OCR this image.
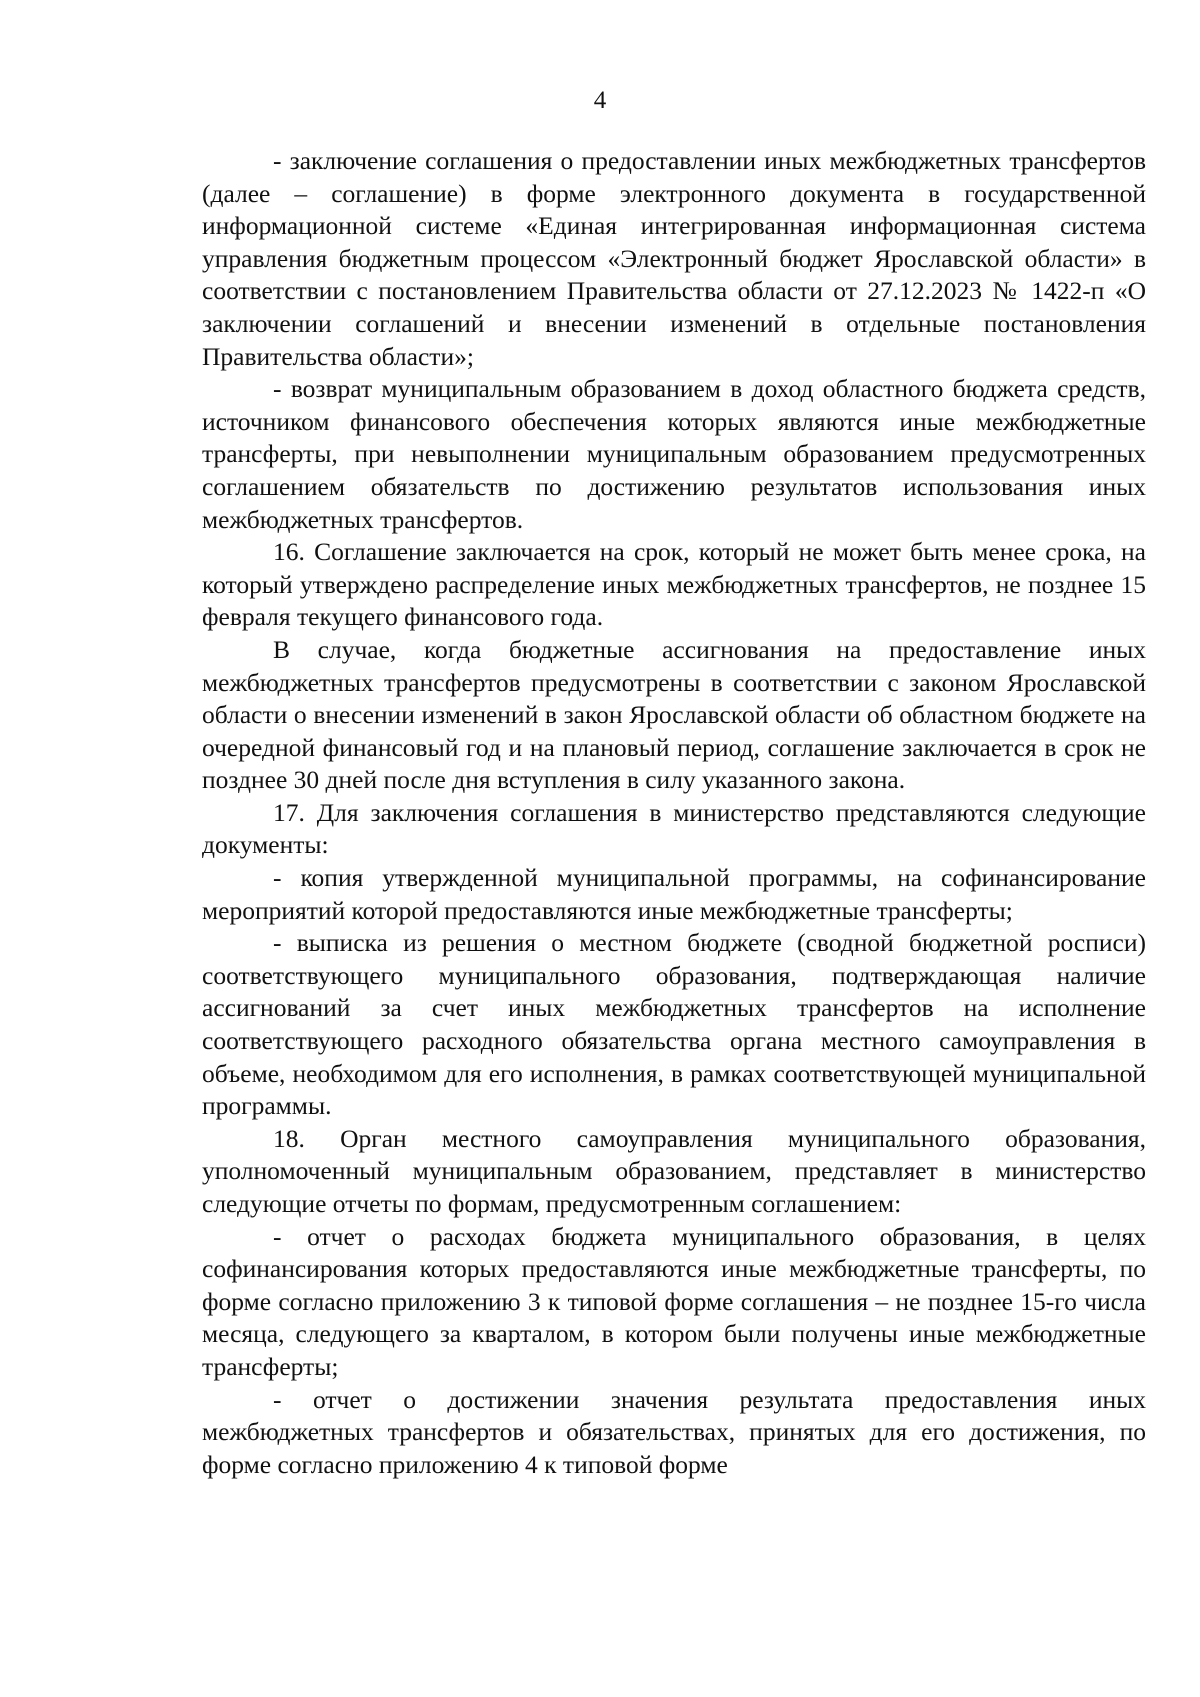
4

- заключение соглашения о предоставлении иных межбюджетных трансфертов (далее – соглашение) в форме электронного документа в государственной информационной системе «Единая интегрированная информационная система управления бюджетным процессом «Электронный бюджет Ярославской области» в соответствии с постановлением Правительства области от 27.12.2023 № 1422-п «О заключении соглашений и внесении изменений в отдельные постановления Правительства области»;

- возврат муниципальным образованием в доход областного бюджета средств, источником финансового обеспечения которых являются иные межбюджетные трансферты, при невыполнении муниципальным образованием предусмотренных соглашением обязательств по достижению результатов использования иных межбюджетных трансфертов.

16. Соглашение заключается на срок, который не может быть менее срока, на который утверждено распределение иных межбюджетных трансфертов, не позднее 15 февраля текущего финансового года.

В случае, когда бюджетные ассигнования на предоставление иных межбюджетных трансфертов предусмотрены в соответствии с законом Ярославской области о внесении изменений в закон Ярославской области об областном бюджете на очередной финансовый год и на плановый период, соглашение заключается в срок не позднее 30 дней после дня вступления в силу указанного закона.

17. Для заключения соглашения в министерство представляются следующие документы:

- копия утвержденной муниципальной программы, на софинансирование мероприятий которой предоставляются иные межбюджетные трансферты;

- выписка из решения о местном бюджете (сводной бюджетной росписи) соответствующего муниципального образования, подтверждающая наличие ассигнований за счет иных межбюджетных трансфертов на исполнение соответствующего расходного обязательства органа местного самоуправления в объеме, необходимом для его исполнения, в рамках соответствующей муниципальной программы.

18. Орган местного самоуправления муниципального образования, уполномоченный муниципальным образованием, представляет в министерство следующие отчеты по формам, предусмотренным соглашением:

- отчет о расходах бюджета муниципального образования, в целях софинансирования которых предоставляются иные межбюджетные трансферты, по форме согласно приложению 3 к типовой форме соглашения – не позднее 15-го числа месяца, следующего за кварталом, в котором были получены иные межбюджетные трансферты;

- отчет о достижении значения результата предоставления иных межбюджетных трансфертов и обязательствах, принятых для его достижения, по форме согласно приложению 4 к типовой форме
